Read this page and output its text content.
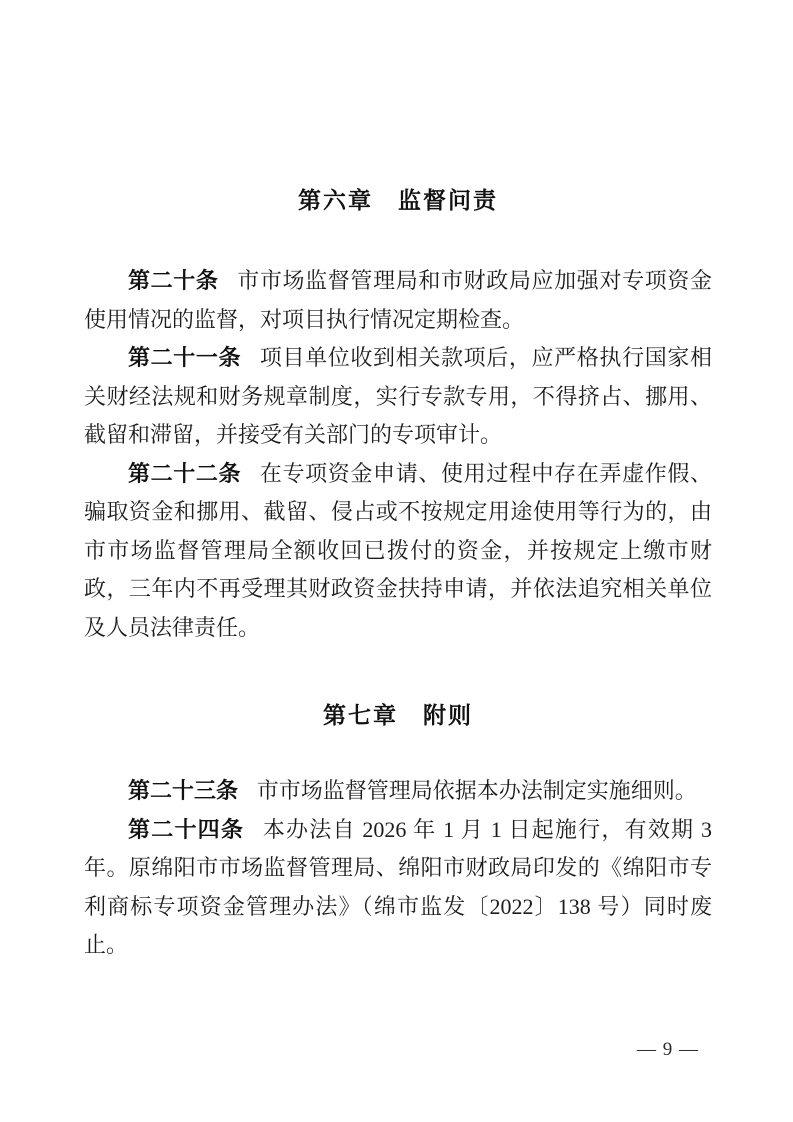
第六章　监督问责

第二十条 市市场监督管理局和市财政局应加强对专项资金使用情况的监督，对项目执行情况定期检查。

第二十一条 项目单位收到相关款项后，应严格执行国家相关财经法规和财务规章制度，实行专款专用，不得挤占、挪用、截留和滞留，并接受有关部门的专项审计。

第二十二条 在专项资金申请、使用过程中存在弄虚作假、骗取资金和挪用、截留、侵占或不按规定用途使用等行为的，由市市场监督管理局全额收回已拨付的资金，并按规定上缴市财政，三年内不再受理其财政资金扶持申请，并依法追究相关单位及人员法律责任。

第七章　附则

第二十三条 市市场监督管理局依据本办法制定实施细则。

第二十四条 本办法自 2026 年 1 月 1 日起施行，有效期 3 年。原绵阳市市场监督管理局、绵阳市财政局印发的《绵阳市专利商标专项资金管理办法》（绵市监发〔2022〕138 号）同时废止。

— 9 —
